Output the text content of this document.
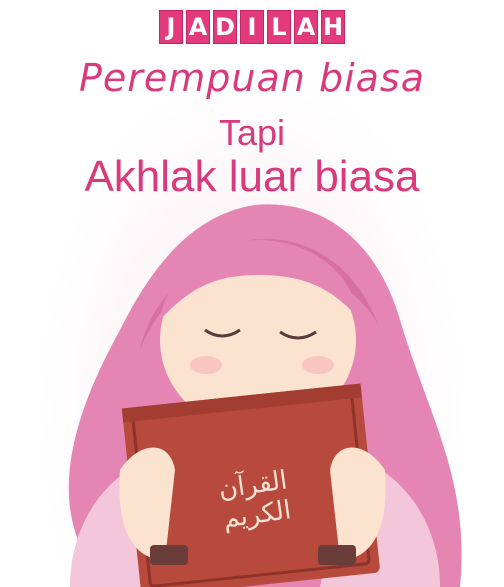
J A D I L A H
Perempuan biasa
Tapi
Akhlak luar biasa
القرآن الكريم
